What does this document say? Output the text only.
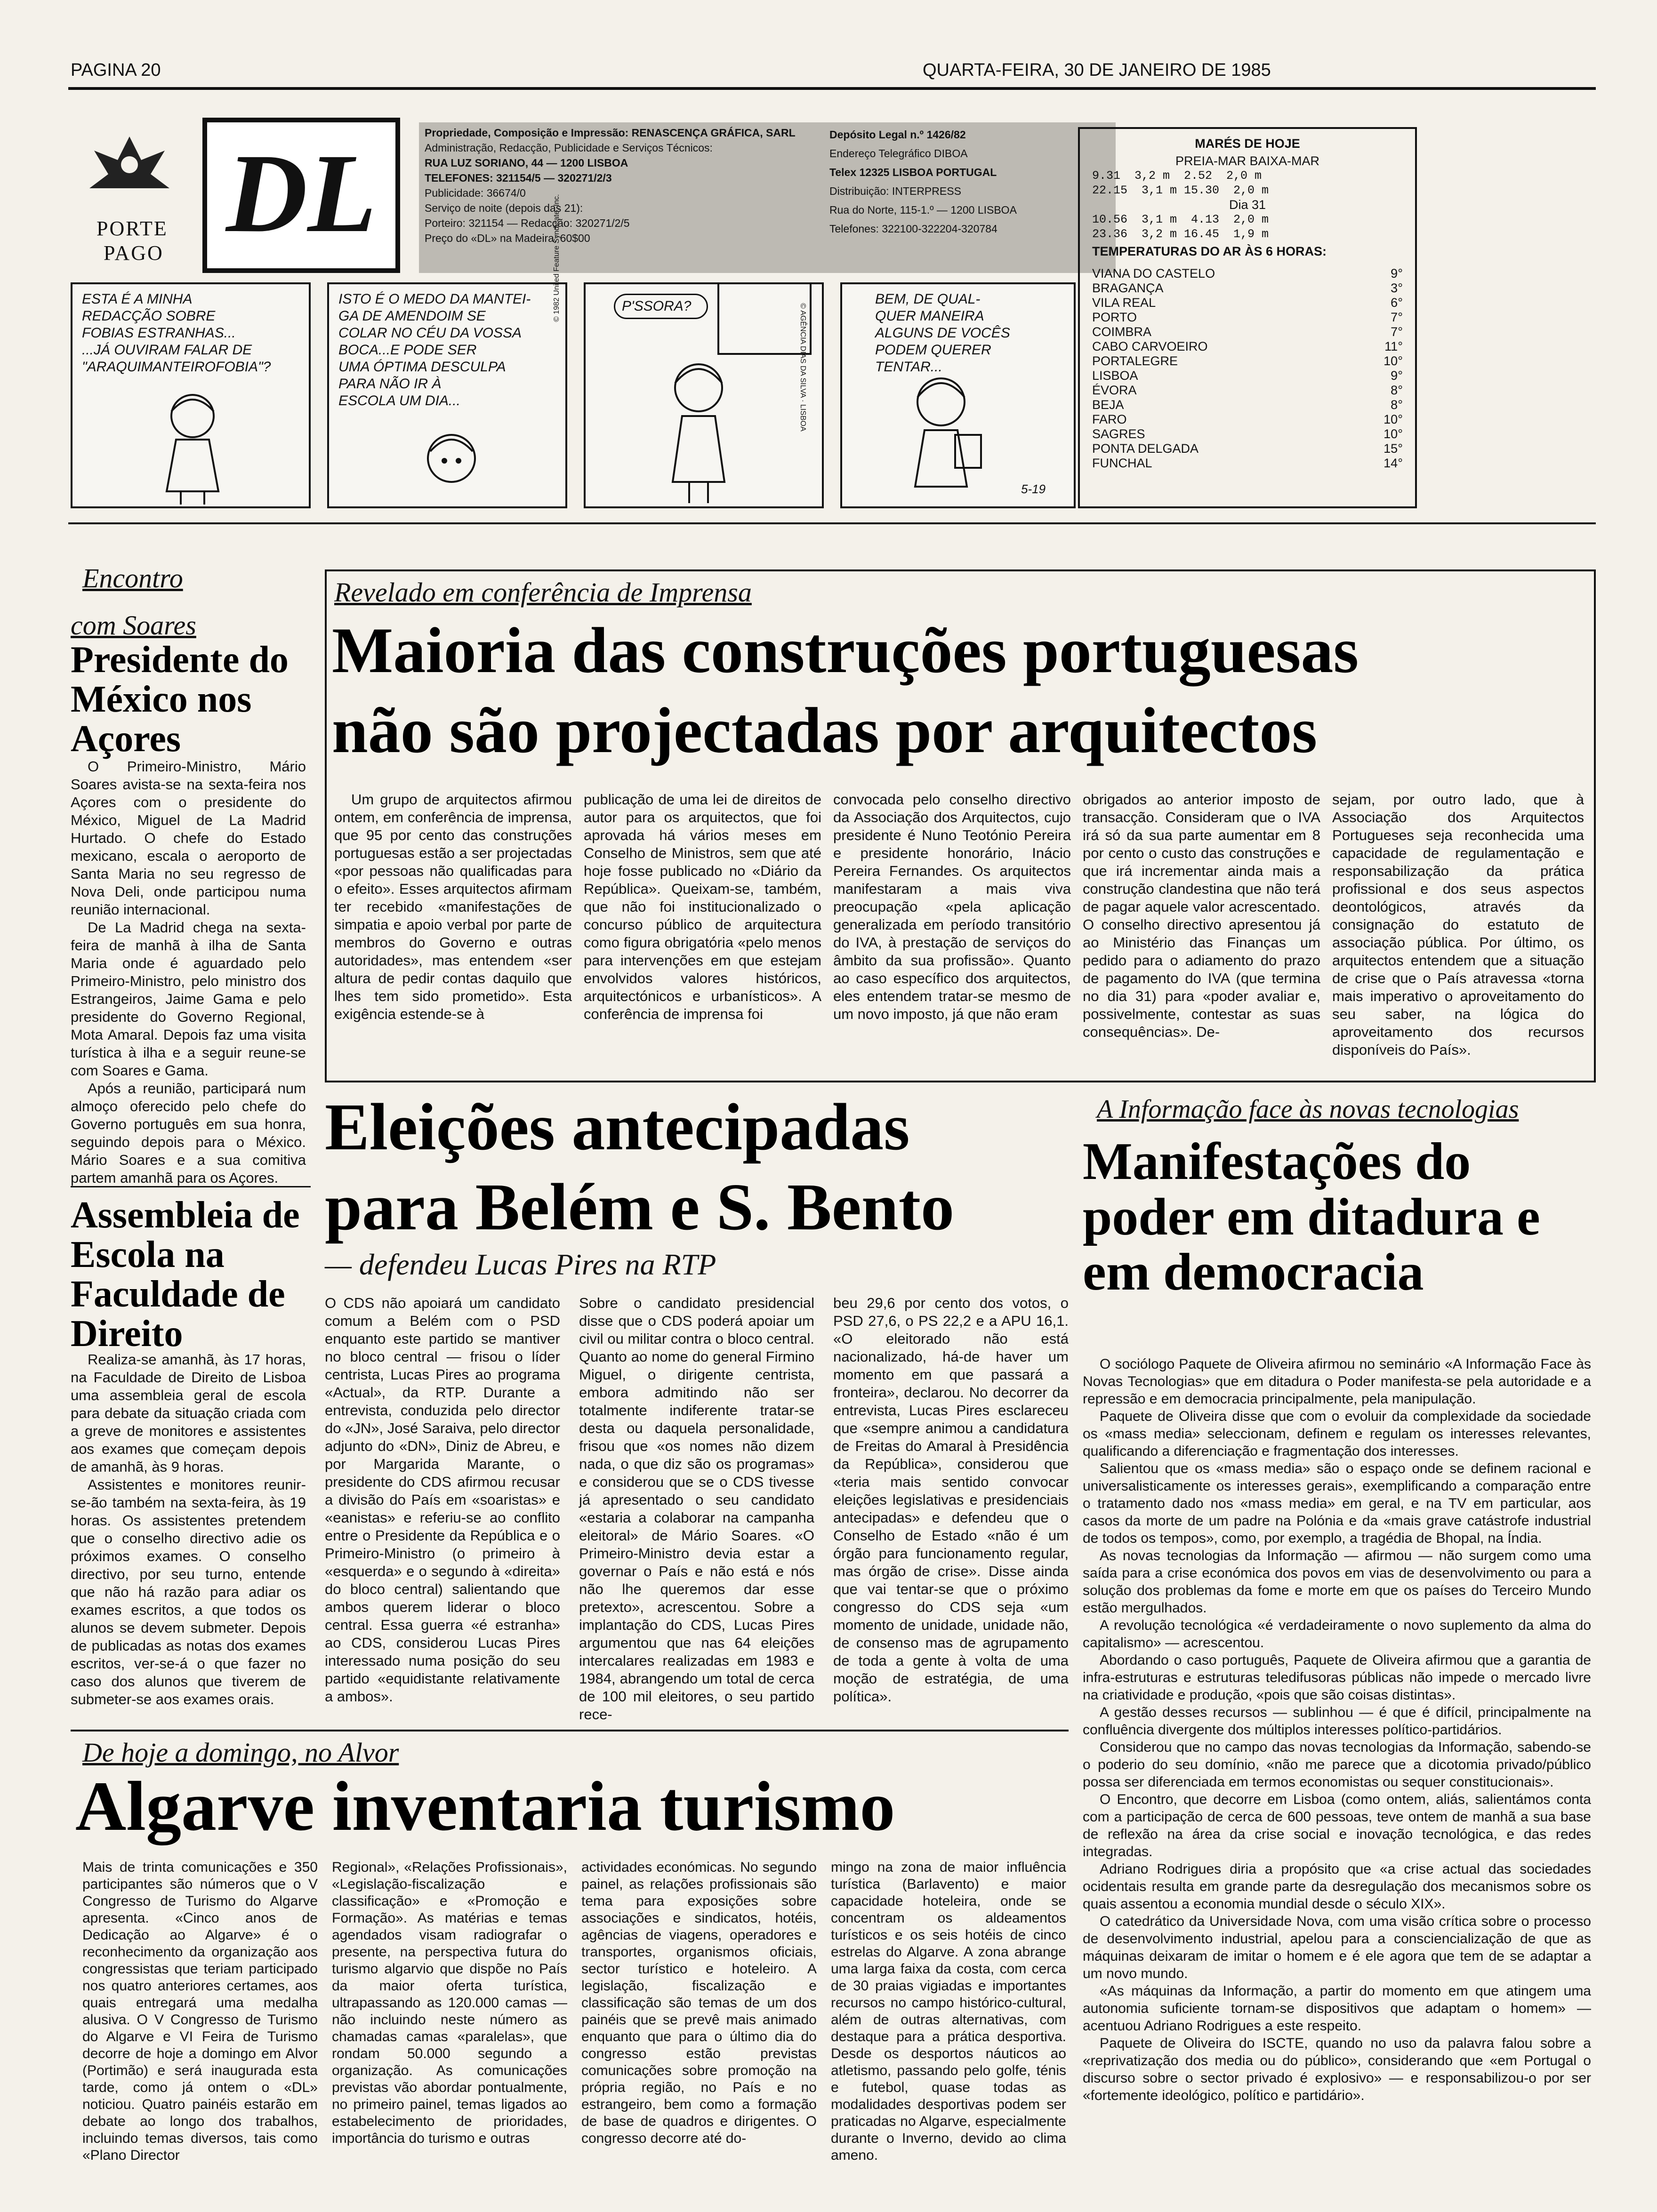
PAGINA 20	QUARTA-FEIRA, 30 DE JANEIRO DE 1985
PORTE
PAGO DL	Propriedade, Composição e Impressão: RENASCENÇA GRÁFICA, SARL
Administração, Redacção, Publicidade e Serviços Técnicos:
RUA LUZ SORIANO, 44 — 1200 LISBOA
TELEFONES: 321154/5 — 320271/2/3
Publicidade: 36674/0
Serviço de noite (depois das 21):
Porteiro: 321154 — Redacção: 320271/2/5
Preço do «DL» na Madeira: 60$00
Depósito Legal n.º 1426/82
Endereço Telegráfico DIBOA
Telex 12325 LISBOA PORTUGAL
Distribuição: INTERPRESS
Rua do Norte, 115-1.º — 1200 LISBOA
Telefones: 322100-322204-320784
MARÉS DE HOJE
PREIA-MAR BAIXA-MAR
9.31  3,2 m  2.52  2,0 m
22.15  3,1 m 15.30  2,0 m
Dia 31
10.56  3,1 m  4.13  2,0 m
23.36  3,2 m 16.45  1,9 m
TEMPERATURAS DO AR ÀS 6 HORAS:
VIANA DO CASTELO	9°
BRAGANÇA	3°
VILA REAL	6°
PORTO	7°
COIMBRA	7°
CABO CARVOEIRO	11°
PORTALEGRE	10°
LISBOA	9°
ÉVORA	8°
BEJA	8°
FARO	10°
SAGRES	10°
PONTA DELGADA	15°
FUNCHAL	14°
ESTA É A MINHA
REDACÇÃO SOBRE
FOBIAS ESTRANHAS...
...JÁ OUVIRAM FALAR DE
"ARAQUIMANTEIROFOBIA"?
ISTO É O MEDO DA MANTEI-
GA DE AMENDOIM SE
COLAR NO CÉU DA VOSSA
BOCA...E PODE SER
UMA ÓPTIMA DESCULPA
PARA NÃO IR À
ESCOLA UM DIA...
© 1982 United Feature Syndicate, Inc.	P'SSORA?	© AGÊNCIA DIAS DA SILVA · LISBOA
BEM, DE QUAL-
QUER MANEIRA
ALGUNS DE VOCÊS
PODEM QUERER
TENTAR...
5-19
Encontro
com Soares
Presidente do México nos Açores

O Primeiro-Ministro, Mário Soares avista-se na sexta-feira nos Açores com o presidente do México, Miguel de La Madrid Hurtado. O chefe do Estado mexicano, escala o aeroporto de Santa Maria no seu regresso de Nova Deli, onde participou numa reunião internacional.

De La Madrid chega na sexta-feira de manhã à ilha de Santa Maria onde é aguardado pelo Primeiro-Ministro, pelo ministro dos Estrangeiros, Jaime Gama e pelo presidente do Governo Regional, Mota Amaral. Depois faz uma visita turística à ilha e a seguir reune-se com Soares e Gama.

Após a reunião, participará num almoço oferecido pelo chefe do Governo português em sua honra, seguindo depois para o México. Mário Soares e a sua comitiva partem amanhã para os Açores.

Assembleia de Escola na Faculdade de Direito

Realiza-se amanhã, às 17 horas, na Faculdade de Direito de Lisboa uma assembleia geral de escola para debate da situação criada com a greve de monitores e assistentes aos exames que começam depois de amanhã, às 9 horas.

Assistentes e monitores reunir-se-ão também na sexta-feira, às 19 horas. Os assistentes pretendem que o conselho directivo adie os próximos exames. O conselho directivo, por seu turno, entende que não há razão para adiar os exames escritos, a que todos os alunos se devem submeter. Depois de publicadas as notas dos exames escritos, ver-se-á o que fazer no caso dos alunos que tiverem de submeter-se aos exames orais.

Revelado em conferência de Imprensa
Maioria das construções portuguesas
não são projectadas por arquitectos
Um grupo de arquitectos afirmou ontem, em conferência de imprensa, que 95 por cento das construções portuguesas estão a ser projectadas «por pessoas não qualificadas para o efeito». Esses arquitectos afirmam ter recebido «manifestações de simpatia e apoio verbal por parte de membros do Governo e outras autoridades», mas entendem «ser altura de pedir contas daquilo que lhes tem sido prometido». Esta exigência estende-se à
publicação de uma lei de direitos de autor para os arquitectos, que foi aprovada há vários meses em Conselho de Ministros, sem que até hoje fosse publicado no «Diário da República». Queixam-se, também, que não foi institucionalizado o concurso público de arquitectura como figura obrigatória «pelo menos para intervenções em que estejam envolvidos valores históricos, arquitectónicos e urbanísticos». A conferência de imprensa foi
convocada pelo conselho directivo da Associação dos Arquitectos, cujo presidente é Nuno Teotónio Pereira e presidente honorário, Inácio Pereira Fernandes. Os arquitectos manifestaram a mais viva preocupação «pela aplicação generalizada em período transitório do IVA, à prestação de serviços do âmbito da sua profissão». Quanto ao caso específico dos arquitectos, eles entendem tratar-se mesmo de um novo imposto, já que não eram
obrigados ao anterior imposto de transacção. Consideram que o IVA irá só da sua parte aumentar em 8 por cento o custo das construções e que irá incrementar ainda mais a construção clandestina que não terá de pagar aquele valor acrescentado. O conselho directivo apresentou já ao Ministério das Finanças um pedido para o adiamento do prazo de pagamento do IVA (que termina no dia 31) para «poder avaliar e, possivelmente, contestar as suas consequências». De-
sejam, por outro lado, que à Associação dos Arquitectos Portugueses seja reconhecida uma capacidade de regulamentação e responsabilização da prática profissional e dos seus aspectos deontológicos, através da consignação do estatuto de associação pública. Por último, os arquitectos entendem que a situação de crise que o País atravessa «torna mais imperativo o aproveitamento do seu saber, na lógica do aproveitamento dos recursos disponíveis do País».
Eleições antecipadas
para Belém e S. Bento
— defendeu Lucas Pires na RTP
O CDS não apoiará um candidato comum a Belém com o PSD enquanto este partido se mantiver no bloco central — frisou o líder centrista, Lucas Pires ao programa «Actual», da RTP. Durante a entrevista, conduzida pelo director do «JN», José Saraiva, pelo director adjunto do «DN», Diniz de Abreu, e por Margarida Marante, o presidente do CDS afirmou recusar a divisão do País em «soaristas» e «eanistas» e referiu-se ao conflito entre o Presidente da República e o Primeiro-Ministro (o primeiro à «esquerda» e o segundo à «direita» do bloco central) salientando que ambos querem liderar o bloco central. Essa guerra «é estranha» ao CDS, considerou Lucas Pires interessado numa posição do seu partido «equidistante relativamente a ambos».
Sobre o candidato presidencial disse que o CDS poderá apoiar um civil ou militar contra o bloco central. Quanto ao nome do general Firmino Miguel, o dirigente centrista, embora admitindo não ser totalmente indiferente tratar-se desta ou daquela personalidade, frisou que «os nomes não dizem nada, o que diz são os programas» e considerou que se o CDS tivesse já apresentado o seu candidato «estaria a colaborar na campanha eleitoral» de Mário Soares. «O Primeiro-Ministro devia estar a governar o País e não está e nós não lhe queremos dar esse pretexto», acrescentou. Sobre a implantação do CDS, Lucas Pires argumentou que nas 64 eleições intercalares realizadas em 1983 e 1984, abrangendo um total de cerca de 100 mil eleitores, o seu partido rece-
beu 29,6 por cento dos votos, o PSD 27,6, o PS 22,2 e a APU 16,1. «O eleitorado não está nacionalizado, há-de haver um momento em que passará a fronteira», declarou. No decorrer da entrevista, Lucas Pires esclareceu que «sempre animou a candidatura de Freitas do Amaral à Presidência da República», considerou que «teria mais sentido convocar eleições legislativas e presidenciais antecipadas» e defendeu que o Conselho de Estado «não é um órgão para funcionamento regular, mas órgão de crise». Disse ainda que vai tentar-se que o próximo congresso do CDS seja «um momento de unidade, unidade não, de consenso mas de agrupamento de toda a gente à volta de uma moção de estratégia, de uma política».
A Informação face às novas tecnologias
Manifestações do poder em ditadura e em democracia

O sociólogo Paquete de Oliveira afirmou no seminário «A Informação Face às Novas Tecnologias» que em ditadura o Poder manifesta-se pela autoridade e a repressão e em democracia principalmente, pela manipulação.

Paquete de Oliveira disse que com o evoluir da complexidade da sociedade os «mass media» seleccionam, definem e regulam os interesses relevantes, qualificando a diferenciação e fragmentação dos interesses.

Salientou que os «mass media» são o espaço onde se definem racional e universalisticamente os interesses gerais», exemplificando a comparação entre o tratamento dado nos «mass media» em geral, e na TV em particular, aos casos da morte de um padre na Polónia e da «mais grave catástrofe industrial de todos os tempos», como, por exemplo, a tragédia de Bhopal, na Índia.

As novas tecnologias da Informação — afirmou — não surgem como uma saída para a crise económica dos povos em vias de desenvolvimento ou para a solução dos problemas da fome e morte em que os países do Terceiro Mundo estão mergulhados.

A revolução tecnológica «é verdadeiramente o novo suplemento da alma do capitalismo» — acrescentou.

Abordando o caso português, Paquete de Oliveira afirmou que a garantia de infra-estruturas e estruturas teledifusoras públicas não impede o mercado livre na criatividade e produção, «pois que são coisas distintas».

A gestão desses recursos — sublinhou — é que é difícil, principalmente na confluência divergente dos múltiplos interesses político-partidários.

Considerou que no campo das novas tecnologias da Informação, sabendo-se o poderio do seu domínio, «não me parece que a dicotomia privado/público possa ser diferenciada em termos economistas ou sequer constitucionais».

O Encontro, que decorre em Lisboa (como ontem, aliás, salientámos conta com a participação de cerca de 600 pessoas, teve ontem de manhã a sua base de reflexão na área da crise social e inovação tecnológica, e das redes integradas.

Adriano Rodrigues diria a propósito que «a crise actual das sociedades ocidentais resulta em grande parte da desregulação dos mecanismos sobre os quais assentou a economia mundial desde o século XIX».

O catedrático da Universidade Nova, com uma visão crítica sobre o processo de desenvolvimento industrial, apelou para a consciencialização de que as máquinas deixaram de imitar o homem e é ele agora que tem de se adaptar a um novo mundo.

«As máquinas da Informação, a partir do momento em que atingem uma autonomia suficiente tornam-se dispositivos que adaptam o homem» — acentuou Adriano Rodrigues a este respeito.

Paquete de Oliveira do ISCTE, quando no uso da palavra falou sobre a «reprivatização dos media ou do público», considerando que «em Portugal o discurso sobre o sector privado é explosivo» — e responsabilizou-o por ser «fortemente ideológico, político e partidário».

De hoje a domingo, no Alvor
Algarve inventaria turismo
Mais de trinta comunicações e 350 participantes são números que o V Congresso de Turismo do Algarve apresenta. «Cinco anos de Dedicação ao Algarve» é o reconhecimento da organização aos congressistas que teriam participado nos quatro anteriores certames, aos quais entregará uma medalha alusiva. O V Congresso de Turismo do Algarve e VI Feira de Turismo decorre de hoje a domingo em Alvor (Portimão) e será inaugurada esta tarde, como já ontem o «DL» noticiou. Quatro painéis estarão em debate ao longo dos trabalhos, incluindo temas diversos, tais como «Plano Director
Regional», «Relações Profissionais», «Legislação-fiscalização e classificação» e «Promoção e Formação». As matérias e temas agendados visam radiografar o presente, na perspectiva futura do turismo algarvio que dispõe no País da maior oferta turística, ultrapassando as 120.000 camas — não incluindo neste número as chamadas camas «paralelas», que rondam 50.000 segundo a organização. As comunicações previstas vão abordar pontualmente, no primeiro painel, temas ligados ao estabelecimento de prioridades, importância do turismo e outras
actividades económicas. No segundo painel, as relações profissionais são tema para exposições sobre associações e sindicatos, hotéis, agências de viagens, operadores e transportes, organismos oficiais, sector turístico e hoteleiro. A legislação, fiscalização e classificação são temas de um dos painéis que se prevê mais animado enquanto que para o último dia do congresso estão previstas comunicações sobre promoção na própria região, no País e no estrangeiro, bem como a formação de base de quadros e dirigentes. O congresso decorre até do-
mingo na zona de maior influência turística (Barlavento) e maior capacidade hoteleira, onde se concentram os aldeamentos turísticos e os seis hotéis de cinco estrelas do Algarve. A zona abrange uma larga faixa da costa, com cerca de 30 praias vigiadas e importantes recursos no campo histórico-cultural, além de outras alternativas, com destaque para a prática desportiva. Desde os desportos náuticos ao atletismo, passando pelo golfe, ténis e futebol, quase todas as modalidades desportivas podem ser praticadas no Algarve, especialmente durante o Inverno, devido ao clima ameno.
